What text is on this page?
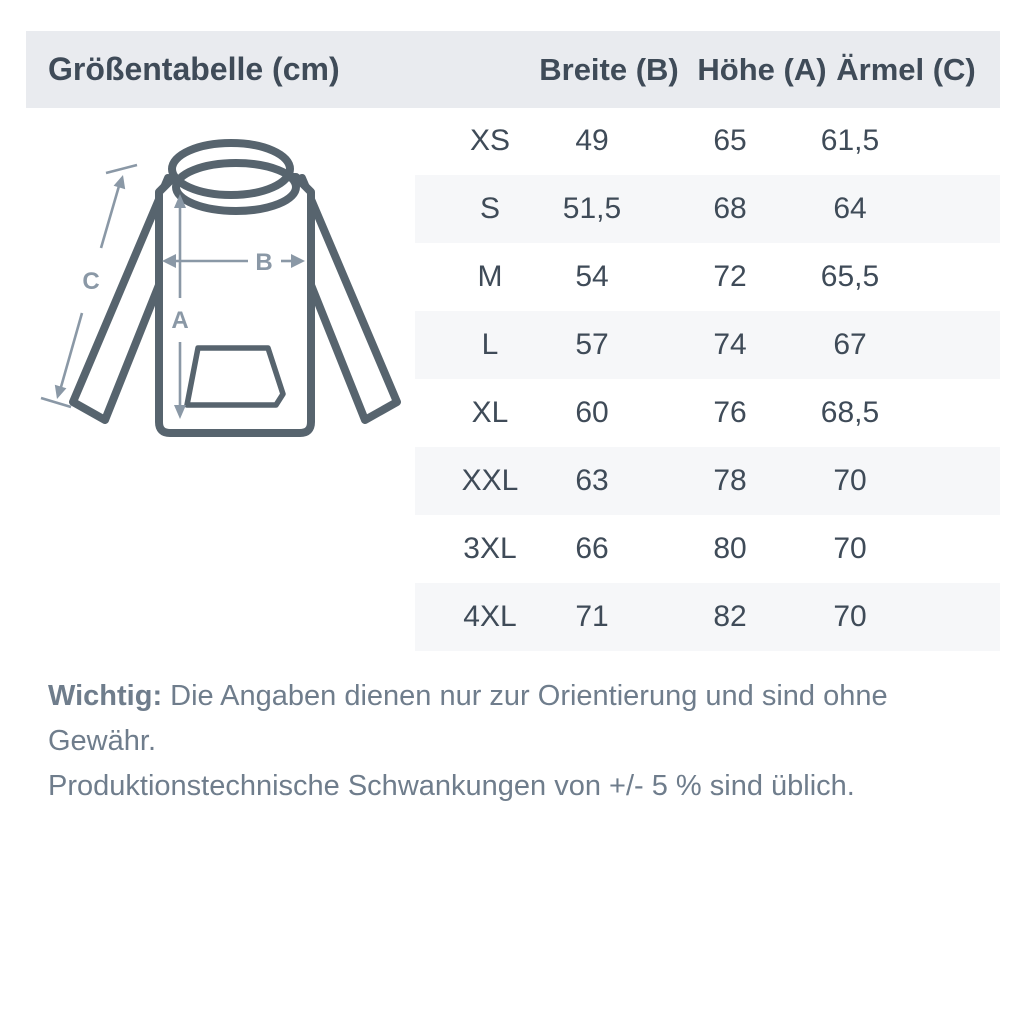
Größentabelle (cm)	Breite (B) Höhe (A) Ärmel (C)
C
B
A
XS 49	65 61,5
S 51,5	68	64
M 54	72 65,5
L	57	74	67
XL 60	76 68,5
XXL 63	78	70
3XL 66	80	70
4XL 71	82	70

Wichtig: Die Angaben dienen nur zur Orientierung und sind ohne Gewähr.
Produktionstechnische Schwankungen von +/- 5 % sind üblich.
